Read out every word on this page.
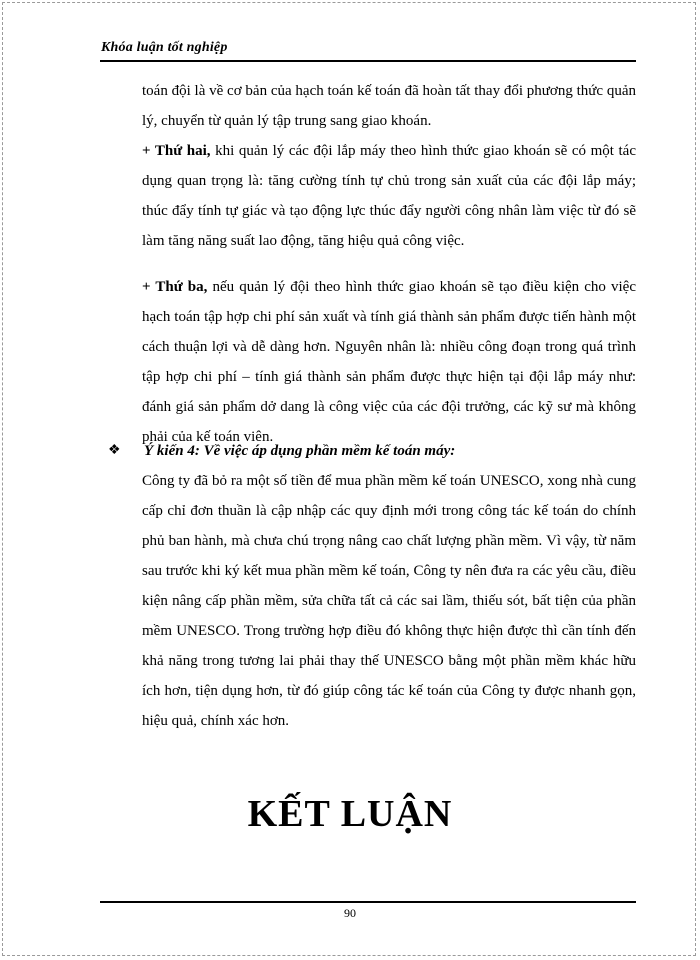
Khóa luận tốt nghiệp
toán đội là về cơ bản của hạch toán kế toán đã hoàn tất thay đổi phương thức quản lý, chuyển từ quản lý tập trung sang giao khoán.
+ Thứ hai, khi quản lý các đội lắp máy theo hình thức giao khoán sẽ có một tác dụng quan trọng là: tăng cường tính tự chủ trong sản xuất của các đội lắp máy; thúc đẩy tính tự giác và tạo động lực thúc đẩy người công nhân làm việc từ đó sẽ làm tăng năng suất lao động, tăng hiệu quả công việc.
+ Thứ ba, nếu quản lý đội theo hình thức giao khoán sẽ tạo điều kiện cho việc hạch toán tập hợp chi phí sản xuất và tính giá thành sản phẩm được tiến hành một cách thuận lợi và dễ dàng hơn. Nguyên nhân là: nhiều công đoạn trong quá trình tập hợp chi phí – tính giá thành sản phẩm được thực hiện tại đội lắp máy như: đánh giá sản phẩm dở dang là công việc của các đội trưởng, các kỹ sư mà không phải của kế toán viên.
❖ Ý kiến 4: Về việc áp dụng phần mềm kế toán máy:
Công ty đã bỏ ra một số tiền để mua phần mềm kế toán UNESCO, xong nhà cung cấp chỉ đơn thuần là cập nhập các quy định mới trong công tác kế toán do chính phủ ban hành, mà chưa chú trọng nâng cao chất lượng phần mềm. Vì vậy, từ năm sau trước khi ký kết mua phần mềm kế toán, Công ty nên đưa ra các yêu cầu, điều kiện nâng cấp phần mềm, sửa chữa tất cả các sai lầm, thiếu sót, bất tiện của phần mềm UNESCO. Trong trường hợp điều đó không thực hiện được thì cần tính đến khả năng trong tương lai phải thay thế UNESCO bằng một phần mềm khác hữu ích hơn, tiện dụng hơn, từ đó giúp công tác kế toán của Công ty được nhanh gọn, hiệu quả, chính xác hơn.
KẾT LUẬN
90
